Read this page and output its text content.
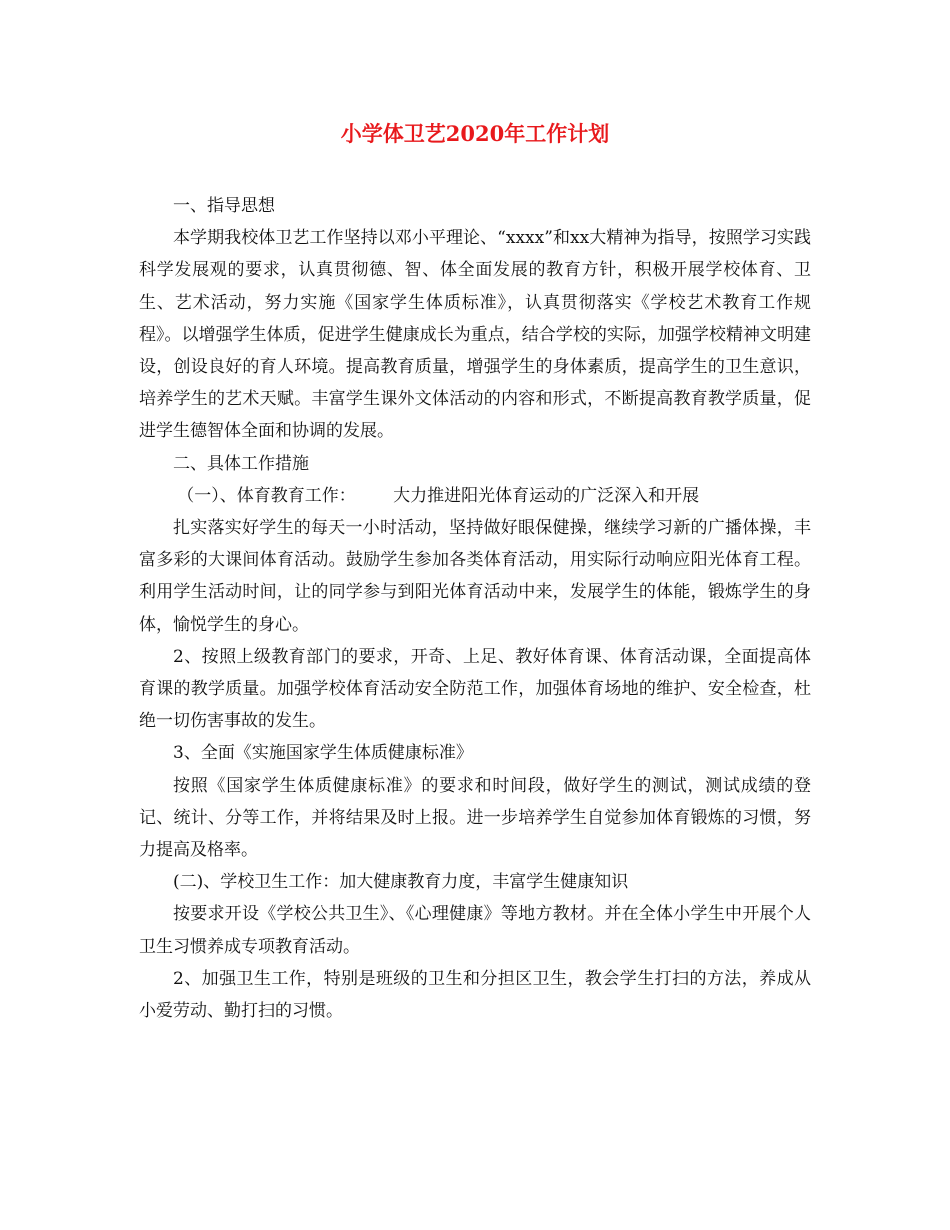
小学体卫艺2020年工作计划

一、指导思想

本学期我校体卫艺工作坚持以邓小平理论、“xxxx”和xx大精神为指导，按照学习实践科学发展观的要求，认真贯彻德、智、体全面发展的教育方针，积极开展学校体育、卫生、艺术活动，努力实施《国家学生体质标准》，认真贯彻落实《学校艺术教育工作规程》。以增强学生体质，促进学生健康成长为重点，结合学校的实际，加强学校精神文明建设，创设良好的育人环境。提高教育质量，增强学生的身体素质，提高学生的卫生意识，培养学生的艺术天赋。丰富学生课外文体活动的内容和形式，不断提高教育教学质量，促进学生德智体全面和协调的发展。

二、具体工作措施

（一）、体育教育工作： 大力推进阳光体育运动的广泛深入和开展

扎实落实好学生的每天一小时活动，坚持做好眼保健操，继续学习新的广播体操，丰富多彩的大课间体育活动。鼓励学生参加各类体育活动，用实际行动响应阳光体育工程。利用学生活动时间，让的同学参与到阳光体育活动中来，发展学生的体能，锻炼学生的身体，愉悦学生的身心。

2、按照上级教育部门的要求，开奇、上足、教好体育课、体育活动课，全面提高体育课的教学质量。加强学校体育活动安全防范工作，加强体育场地的维护、安全检查，杜绝一切伤害事故的发生。

3、全面《实施国家学生体质健康标准》

按照《国家学生体质健康标准》的要求和时间段，做好学生的测试，测试成绩的登记、统计、分等工作，并将结果及时上报。进一步培养学生自觉参加体育锻炼的习惯，努力提高及格率。

(二)、学校卫生工作：加大健康教育力度，丰富学生健康知识

按要求开设《学校公共卫生》、《心理健康》等地方教材。并在全体小学生中开展个人卫生习惯养成专项教育活动。

2、加强卫生工作，特别是班级的卫生和分担区卫生，教会学生打扫的方法，养成从小爱劳动、勤打扫的习惯。
